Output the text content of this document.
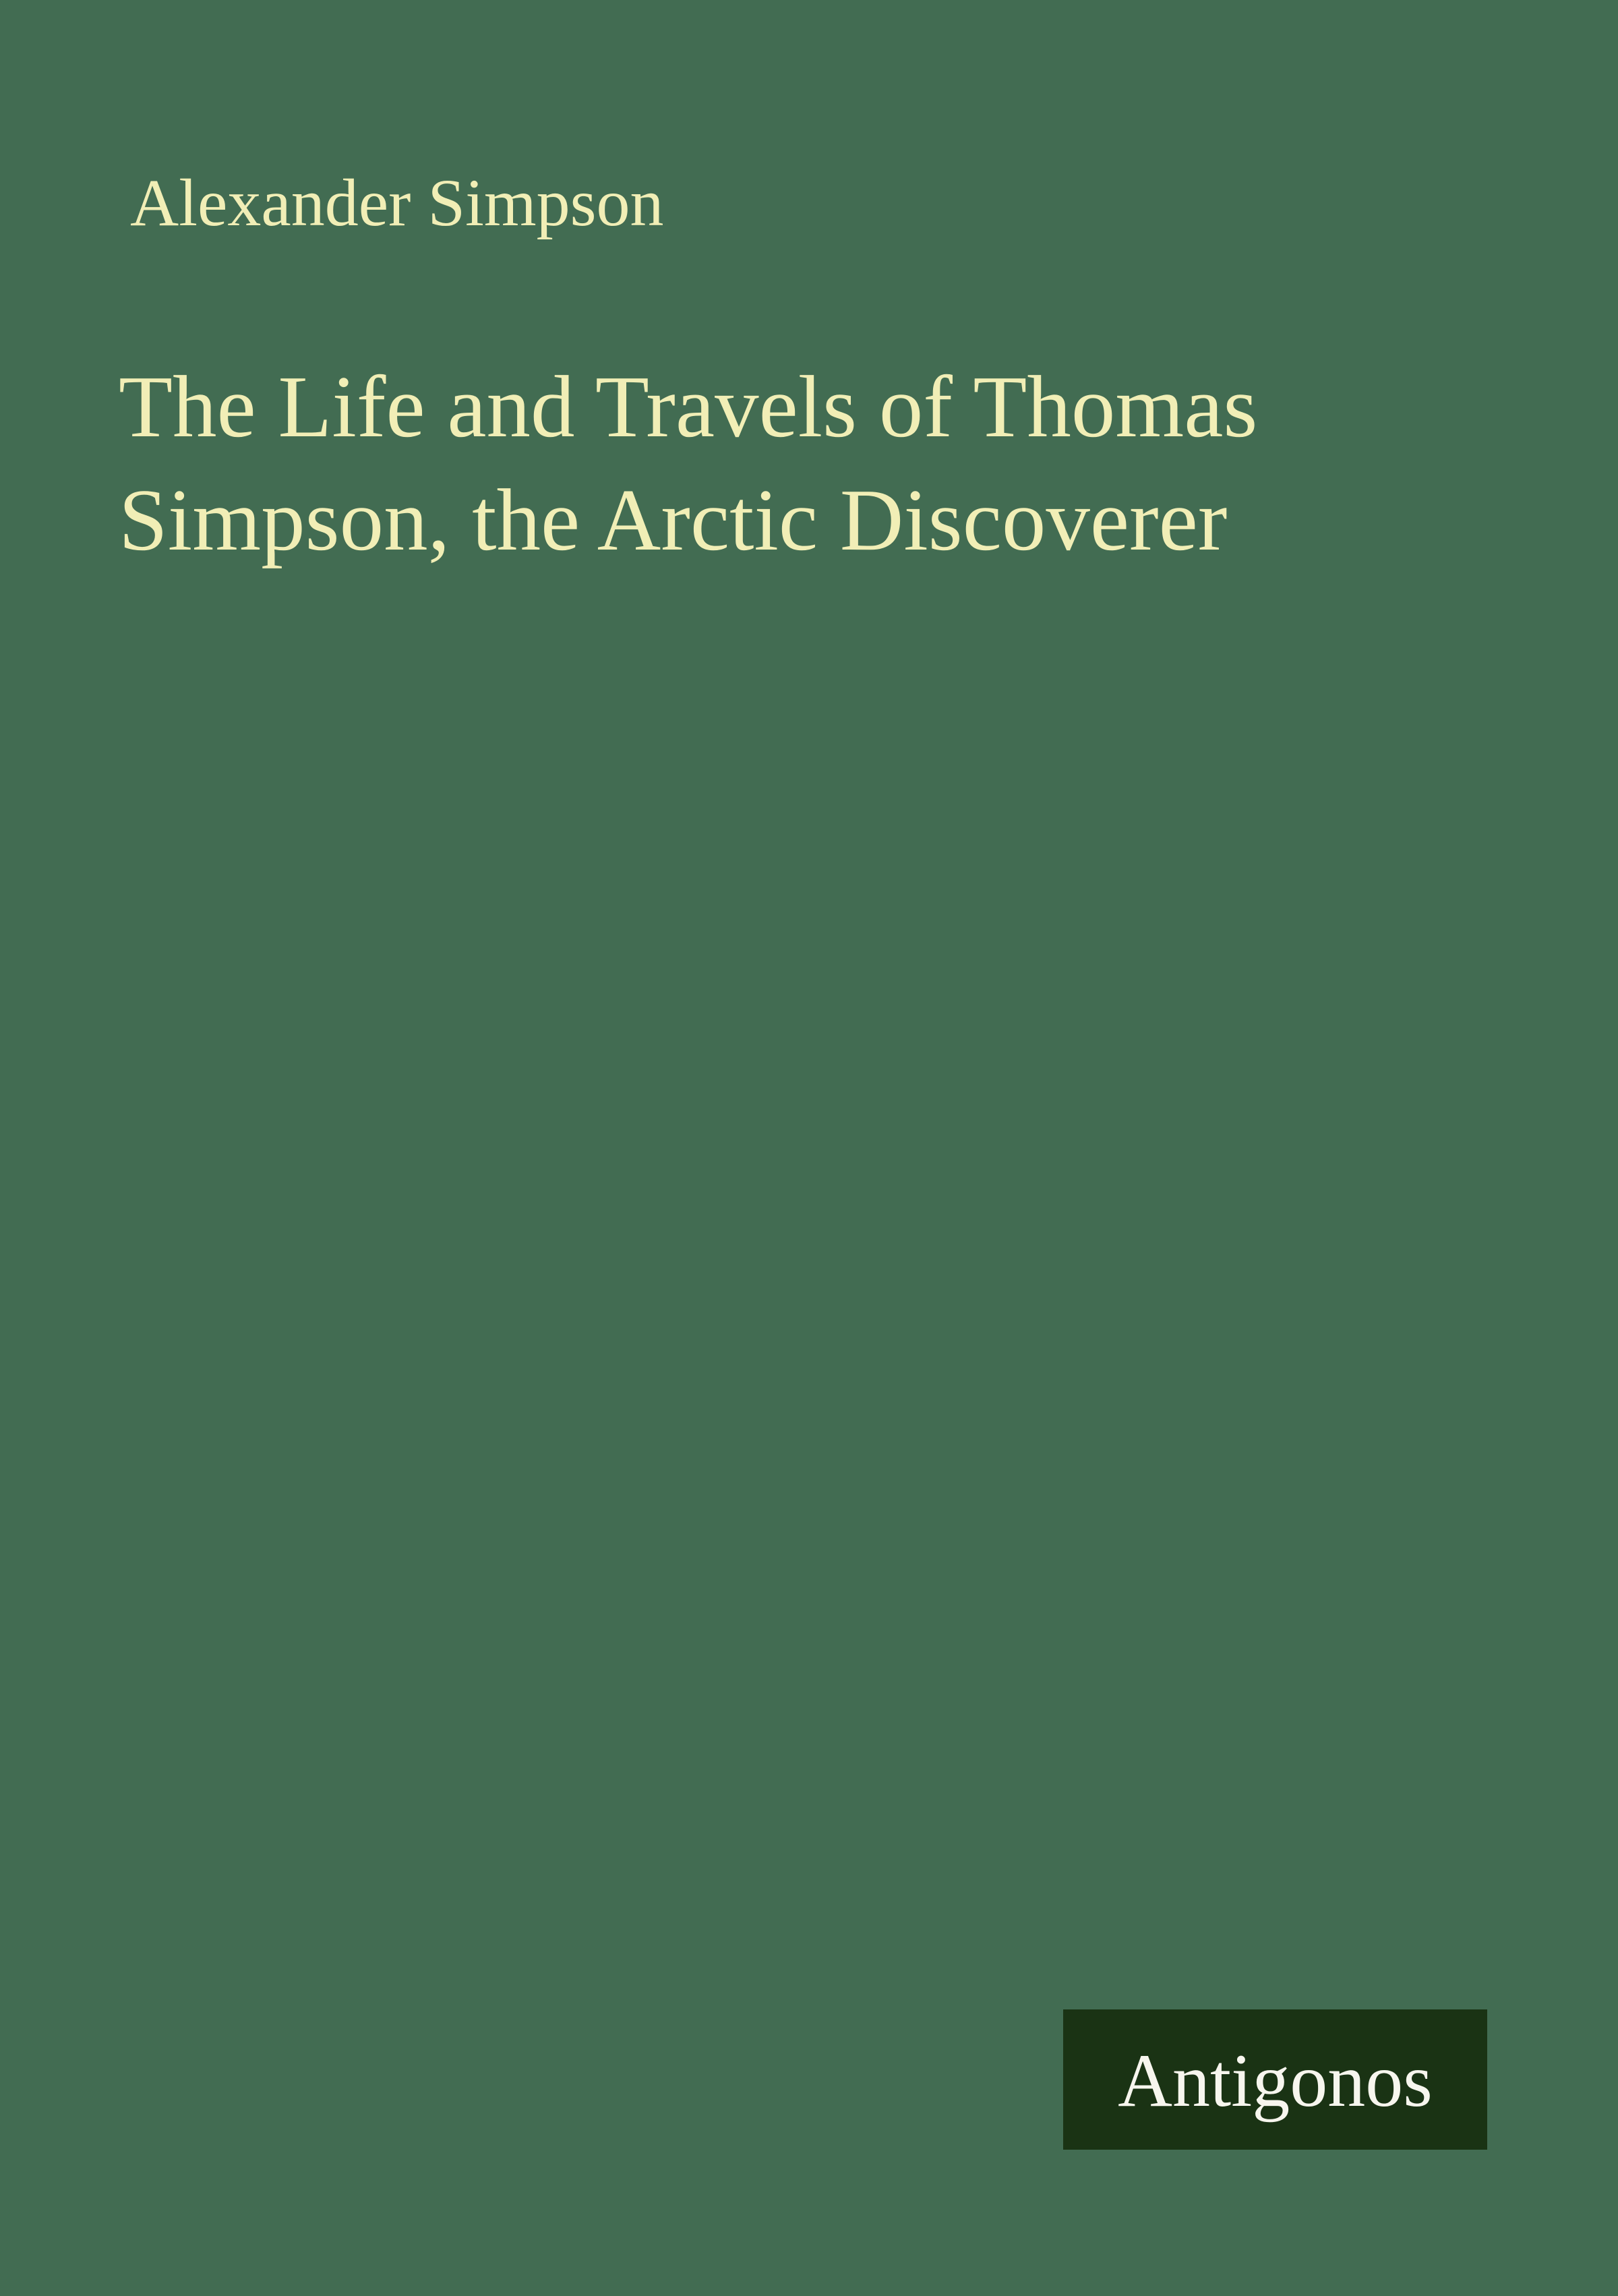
Alexander Simpson
The Life and Travels of Thomas
Simpson, the Arctic Discoverer
Antigonos
